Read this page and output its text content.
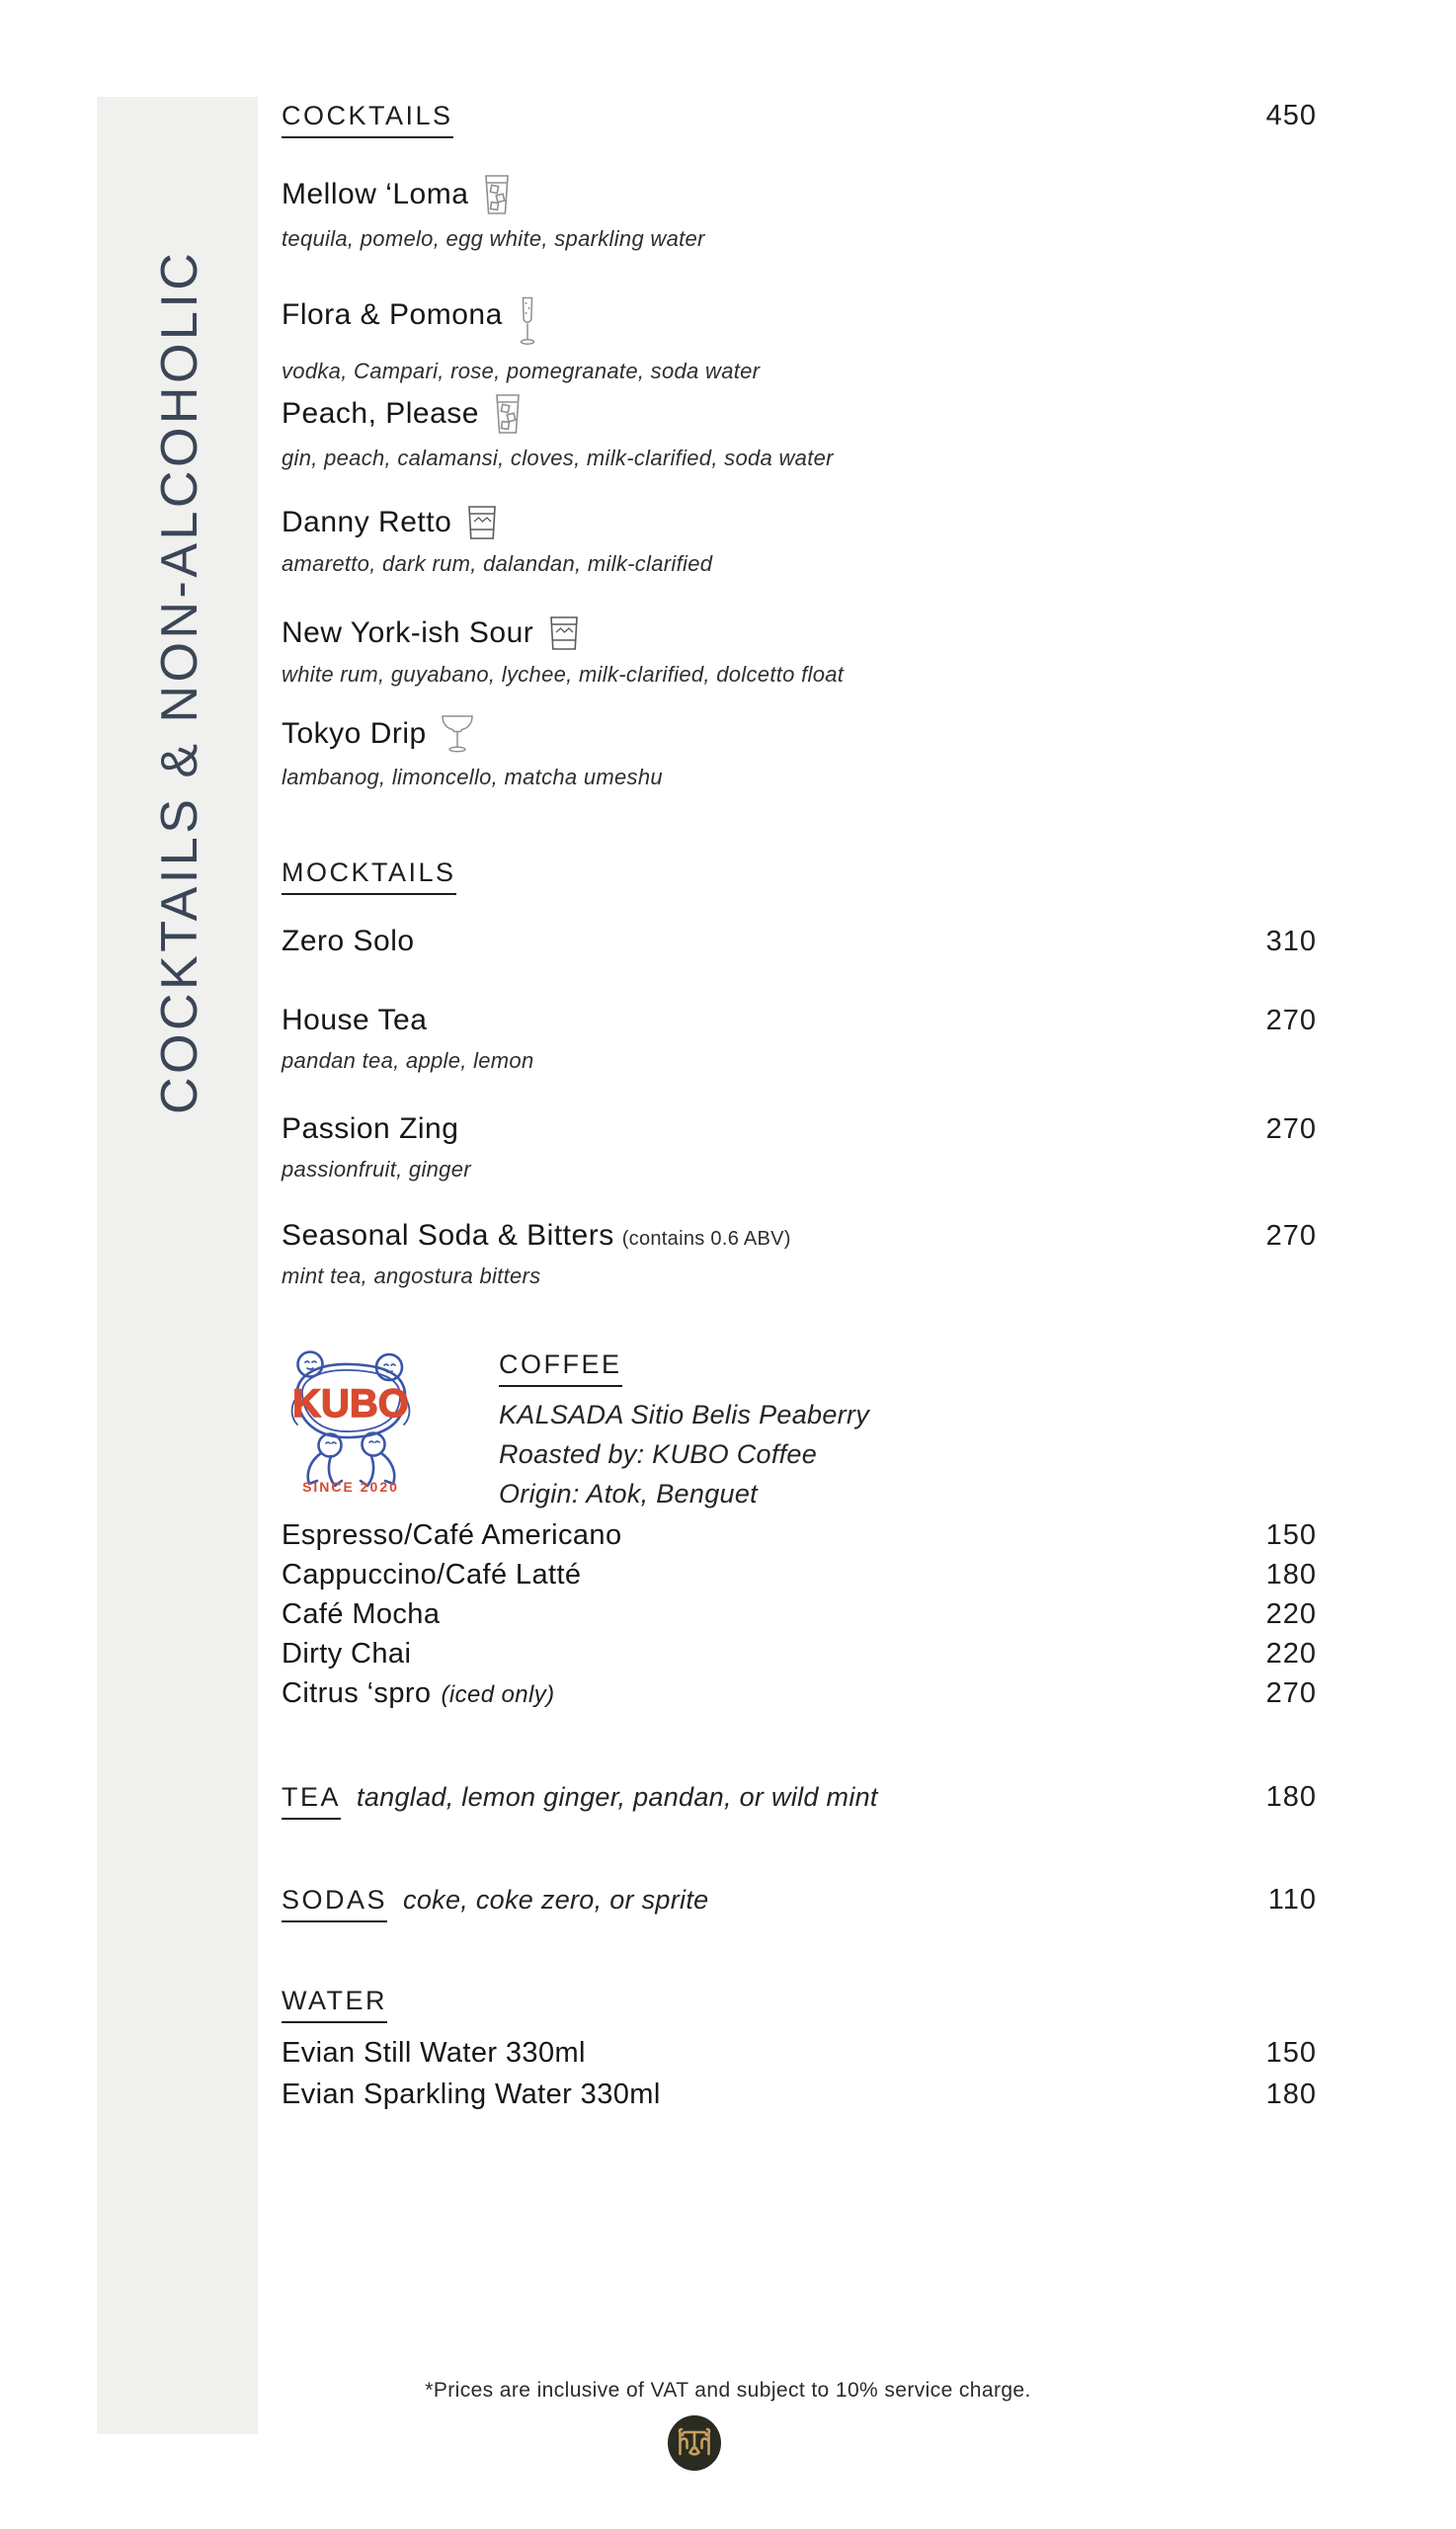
COCKTAILS & NON-ALCOHOLIC
COCKTAILS	450
Mellow ‘Loma
tequila, pomelo, egg white, sparkling water
Flora & Pomona
vodka, Campari, rose, pomegranate, soda water
Peach, Please
gin, peach, calamansi, cloves, milk-clarified, soda water
Danny Retto
amaretto, dark rum, dalandan, milk-clarified
New York-ish Sour
white rum, guyabano, lychee, milk-clarified, dolcetto float
Tokyo Drip
lambanog, limoncello, matcha umeshu
MOCKTAILS
Zero Solo	310
House Tea	270
pandan tea, apple, lemon
Passion Zing	270
passionfruit, ginger
Seasonal Soda & Bitters (contains 0.6 ABV)	270
mint tea, angostura bitters
KUBO
SINCE 2020
COFFEE
KALSADA Sitio Belis Peaberry
Roasted by: KUBO Coffee
Origin: Atok, Benguet
Espresso/Café Americano	150
Cappuccino/Café Latté	180
Café Mocha	220
Dirty Chai	220
Citrus ‘spro (iced only)	270
TEA tanglad, lemon ginger, pandan, or wild mint	180
SODAS coke, coke zero, or sprite	110
WATER
Evian Still Water 330ml	150
Evian Sparkling Water 330ml	180
*Prices are inclusive of VAT and subject to 10% service charge.
